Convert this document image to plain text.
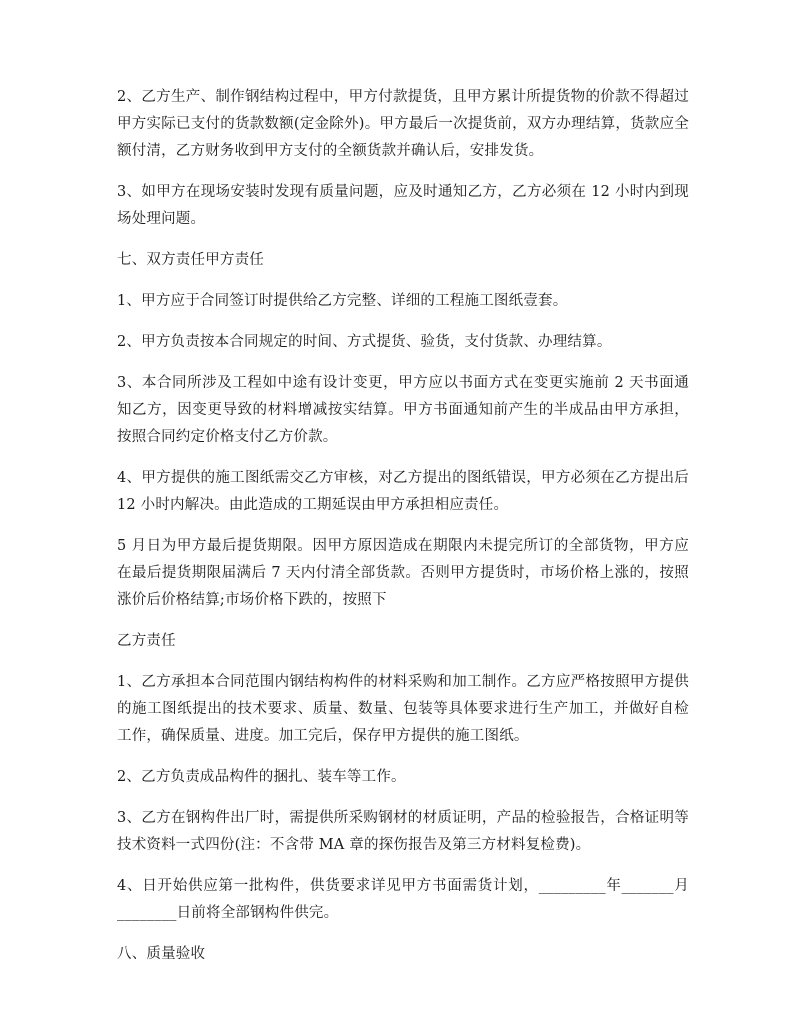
2、乙方生产、制作钢结构过程中，甲方付款提货，且甲方累计所提货物的价款不得超过甲方实际已支付的货款数额(定金除外)。甲方最后一次提货前，双方办理结算，货款应全额付清，乙方财务收到甲方支付的全额货款并确认后，安排发货。

3、如甲方在现场安装时发现有质量问题，应及时通知乙方，乙方必须在 12 小时内到现场处理问题。

七、双方责任甲方责任

1、甲方应于合同签订时提供给乙方完整、详细的工程施工图纸壹套。

2、甲方负责按本合同规定的时间、方式提货、验货，支付货款、办理结算。

3、本合同所涉及工程如中途有设计变更，甲方应以书面方式在变更实施前 2 天书面通知乙方，因变更导致的材料增减按实结算。甲方书面通知前产生的半成品由甲方承担，按照合同约定价格支付乙方价款。

4、甲方提供的施工图纸需交乙方审核，对乙方提出的图纸错误，甲方必须在乙方提出后 12 小时内解决。由此造成的工期延误由甲方承担相应责任。

5 月日为甲方最后提货期限。因甲方原因造成在期限内未提完所订的全部货物，甲方应在最后提货期限届满后 7 天内付清全部货款。否则甲方提货时，市场价格上涨的，按照涨价后价格结算;市场价格下跌的，按照下

乙方责任

1、乙方承担本合同范围内钢结构构件的材料采购和加工制作。乙方应严格按照甲方提供的施工图纸提出的技术要求、质量、数量、包装等具体要求进行生产加工，并做好自检工作，确保质量、进度。加工完后，保存甲方提供的施工图纸。

2、乙方负责成品构件的捆扎、装车等工作。

3、乙方在钢构件出厂时，需提供所采购钢材的材质证明，产品的检验报告，合格证明等技术资料一式四份(注：不含带 MA 章的探伤报告及第三方材料复检费)。

4、日开始供应第一批构件，供货要求详见甲方书面需货计划，_________年_______月________日前将全部钢构件供完。

八、质量验收
